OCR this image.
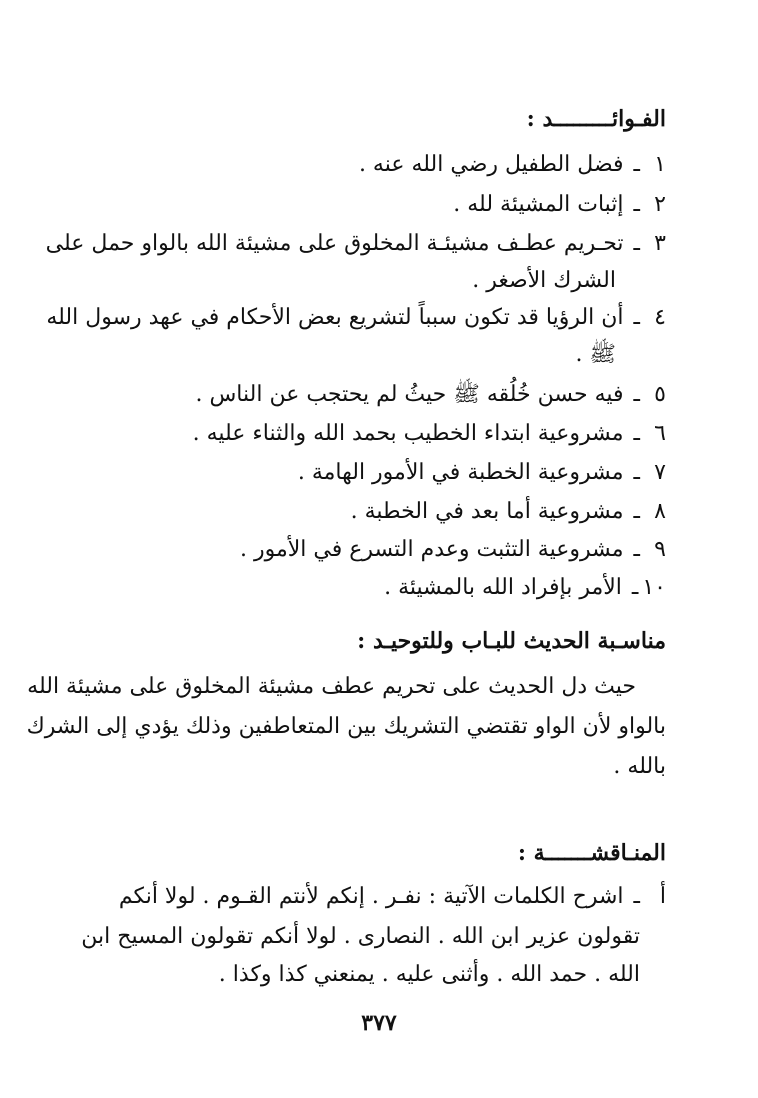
الفـوائـــــــــد :
١ـفضل الطفيل رضي الله عنه .
٢ـإثبات المشيئة لله .
٣ـتحـريم عطـف مشيئـة المخلوق على مشيئة الله بالواو حمل على
الشرك الأصغر .
٤ـأن الرؤيا قد تكون سبباً لتشريع بعض الأحكام في عهد رسول الله
ﷺ .
٥ـفيه حسن خُلُقه ﷺ حيثُ لم يحتجب عن الناس .
٦ـمشروعية ابتداء الخطيب بحمد الله والثناء عليه .
٧ـمشروعية الخطبة في الأمور الهامة .
٨ـمشروعية أما بعد في الخطبة .
٩ـمشروعية التثبت وعدم التسرع في الأمور .
١٠ـالأمر بإفراد الله بالمشيئة .
مناسـبة الحديث للبـاب وللتوحيـد :
حيث دل الحديث على تحريم عطف مشيئة المخلوق على مشيئة الله
بالواو لأن الواو تقتضي التشريك بين المتعاطفين وذلك يؤدي إلى الشرك
بالله .
المنـاقشـــــــة :
أـاشرح الكلمات الآتية : نفـر . إنكم لأنتم القـوم . لولا أنكم
تقولون عزير ابن الله . النصارى . لولا أنكم تقولون المسيح ابن
الله . حمد الله . وأثنى عليه . يمنعني كذا وكذا .
٣٧٧
